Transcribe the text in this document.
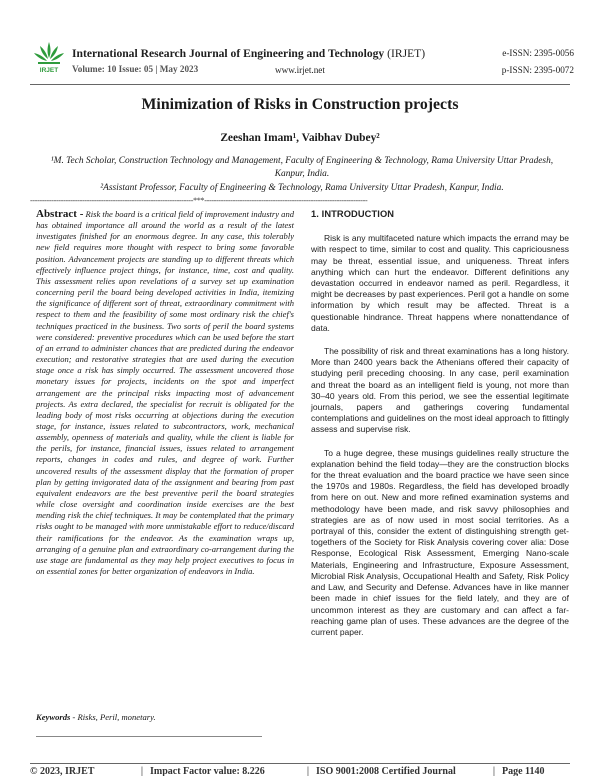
IRJET
International Research Journal of Engineering and Technology (IRJET)	e-ISSN: 2395-0056
Volume: 10 Issue: 05 | May 2023	www.irjet.net	p-ISSN: 2395-0072
Minimization of Risks in Construction projects
Zeeshan Imam¹, Vaibhav Dubey²
¹M. Tech Scholar, Construction Technology and Management, Faculty of Engineering & Technology, Rama University Uttar Pradesh, Kanpur, India.
²Assistant Professor, Faculty of Engineering & Technology, Rama University Uttar Pradesh, Kanpur, India.
---------------------------------------------------------------------***---------------------------------------------------------------------
Abstract - Risk the board is a critical field of improvement industry and has obtained importance all around the world as a result of the latest investigates finished for an enormous degree. In any case, this tolerably new field requires more thought with respect to bring some favorable position. Advancement projects are standing up to different threats which effectively influence project things, for instance, time, cost and quality. This assessment relies upon revelations of a survey set up examination concerning peril the board being developed activities in India, itemizing the significance of different sort of threat, extraordinary commitment with respect to them and the feasibility of some most ordinary risk the chief's techniques practiced in the business. Two sorts of peril the board systems were considered: preventive procedures which can be used before the start of an errand to administer chances that are predicted during the endeavor execution; and restorative strategies that are used during the execution stage once a risk has simply occurred. The assessment uncovered those monetary issues for projects, incidents on the spot and imperfect arrangement are the principal risks impacting most of advancement projects. As extra declared, the specialist for recruit is obligated for the leading body of most risks occurring at objections during the execution stage, for instance, issues related to subcontractors, work, mechanical assembly, openness of materials and quality, while the client is liable for the perils, for instance, financial issues, issues related to arrangement reports, changes in codes and rules, and degree of work. Further uncovered results of the assessment display that the formation of proper plan by getting invigorated data of the assignment and bearing from past equivalent endeavors are the best preventive peril the board strategies while close oversight and coordination inside exercises are the best mending risk the chief techniques. It may be contemplated that the primary risks ought to be managed with more unmistakable effort to reduce/discard their ramifications for the endeavor. As the examination wraps up, arranging of a genuine plan and extraordinary co-arrangement during the use stage are fundamental as they may help project executives to focus in on essential zones for better organization of endeavors in India.
Keywords - Risks, Peril, monetary.
1. INTRODUCTION

Risk is any multifaceted nature which impacts the errand may be with respect to time, similar to cost and quality. This capriciousness may be threat, essential issue, and uniqueness. Threat infers anything which can hurt the endeavor. Different definitions any devastation occurred in endeavor named as peril. Regardless, it might be decreases by past experiences. Peril got a handle on some information by which result may be affected. Threat is a questionable hindrance. Threat happens where nonattendance of data.

The possibility of risk and threat examinations has a long history. More than 2400 years back the Athenians offered their capacity of studying peril preceding choosing. In any case, peril examination and threat the board as an intelligent field is young, not more than 30–40 years old. From this period, we see the essential legitimate journals, papers and gatherings covering fundamental contemplations and guidelines on the most ideal approach to fittingly assess and supervise risk.

To a huge degree, these musings guidelines really structure the explanation behind the field today—they are the construction blocks for the threat evaluation and the board practice we have seen since the 1970s and 1980s. Regardless, the field has developed broadly from here on out. New and more refined examination systems and methodology have been made, and risk savvy philosophies and strategies are as of now used in most social territories. As a portrayal of this, consider the extent of distinguishing strength get-togethers of the Society for Risk Analysis covering cover alia: Dose Response, Ecological Risk Assessment, Emerging Nano-scale Materials, Engineering and Infrastructure, Exposure Assessment, Microbial Risk Analysis, Occupational Health and Safety, Risk Policy and Law, and Security and Defense. Advances have in like manner been made in chief issues for the field lately, and they are of uncommon interest as they are customary and can affect a far-reaching game plan of uses. These advances are the degree of the current paper.

© 2023, IRJET	| Impact Factor value: 8.226	| ISO 9001:2008 Certified Journal	| Page 1140
